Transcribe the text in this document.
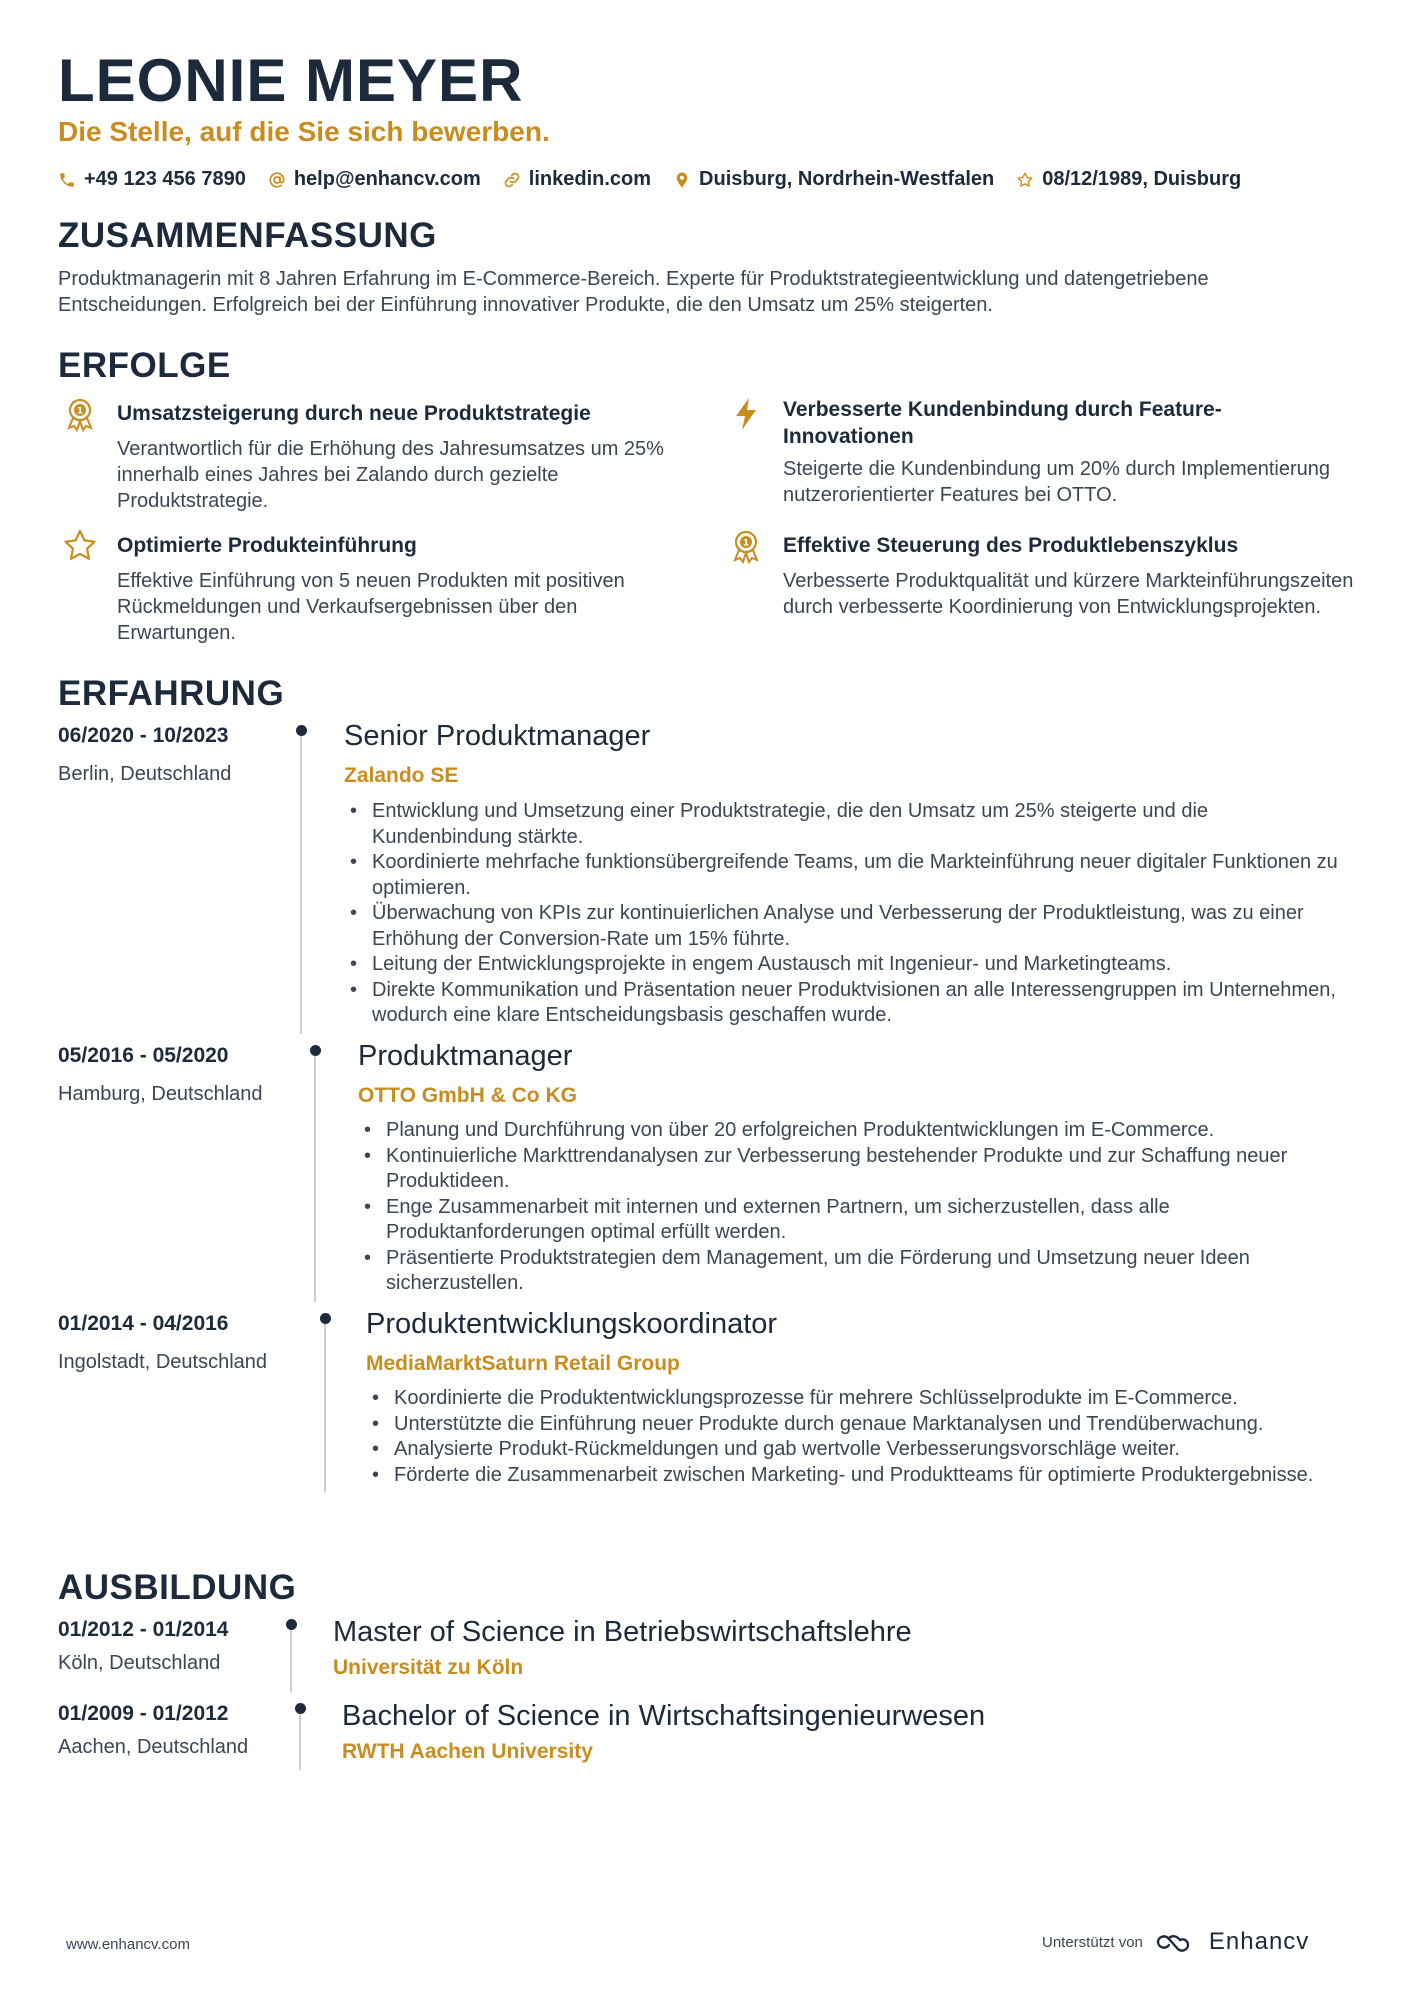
LEONIE MEYER
Die Stelle, auf die Sie sich bewerben.
+49 123 456 7890 help@enhancv.com linkedin.com Duisburg, Nordrhein-Westfalen 08/12/1989, Duisburg
ZUSAMMENFASSUNG
Produktmanagerin mit 8 Jahren Erfahrung im E-Commerce-Bereich. Experte für Produktstrategieentwicklung und datengetriebene Entscheidungen. Erfolgreich bei der Einführung innovativer Produkte, die den Umsatz um 25% steigerten.
ERFOLGE
1 Umsatzsteigerung durch neue Produktstrategie
Verantwortlich für die Erhöhung des Jahresumsatzes um 25% innerhalb eines Jahres bei Zalando durch gezielte Produktstrategie.
Verbesserte Kundenbindung durch Feature-Innovationen
Steigerte die Kundenbindung um 20% durch Implementierung nutzerorientierter Features bei OTTO.
Optimierte Produkteinführung
Effektive Einführung von 5 neuen Produkten mit positiven Rückmeldungen und Verkaufsergebnissen über den Erwartungen.
1 Effektive Steuerung des Produktlebenszyklus
Verbesserte Produktqualität und kürzere Markteinführungszeiten durch verbesserte Koordinierung von Entwicklungsprojekten.
ERFAHRUNG
06/2020 - 10/2023
Berlin, Deutschland
Senior Produktmanager
Zalando SE
• Entwicklung und Umsetzung einer Produktstrategie, die den Umsatz um 25% steigerte und die Kundenbindung stärkte.
• Koordinierte mehrfache funktionsübergreifende Teams, um die Markteinführung neuer digitaler Funktionen zu optimieren.
• Überwachung von KPIs zur kontinuierlichen Analyse und Verbesserung der Produktleistung, was zu einer Erhöhung der Conversion-Rate um 15% führte.
• Leitung der Entwicklungsprojekte in engem Austausch mit Ingenieur- und Marketingteams.
• Direkte Kommunikation und Präsentation neuer Produktvisionen an alle Interessengruppen im Unternehmen, wodurch eine klare Entscheidungsbasis geschaffen wurde.
05/2016 - 05/2020
Hamburg, Deutschland
Produktmanager
OTTO GmbH & Co KG
• Planung und Durchführung von über 20 erfolgreichen Produktentwicklungen im E-Commerce.
• Kontinuierliche Markttrendanalysen zur Verbesserung bestehender Produkte und zur Schaffung neuer Produktideen.
• Enge Zusammenarbeit mit internen und externen Partnern, um sicherzustellen, dass alle Produktanforderungen optimal erfüllt werden.
• Präsentierte Produktstrategien dem Management, um die Förderung und Umsetzung neuer Ideen sicherzustellen.
01/2014 - 04/2016
Ingolstadt, Deutschland
Produktentwicklungskoordinator
MediaMarktSaturn Retail Group
• Koordinierte die Produktentwicklungsprozesse für mehrere Schlüsselprodukte im E-Commerce.
• Unterstützte die Einführung neuer Produkte durch genaue Marktanalysen und Trendüberwachung.
• Analysierte Produkt-Rückmeldungen und gab wertvolle Verbesserungsvorschläge weiter.
• Förderte die Zusammenarbeit zwischen Marketing- und Produktteams für optimierte Produktergebnisse.
AUSBILDUNG
01/2012 - 01/2014
Köln, Deutschland
Master of Science in Betriebswirtschaftslehre
Universität zu Köln
01/2009 - 01/2012
Aachen, Deutschland
Bachelor of Science in Wirtschaftsingenieurwesen
RWTH Aachen University
www.enhancv.com	Unterstützt von	Enhancv
